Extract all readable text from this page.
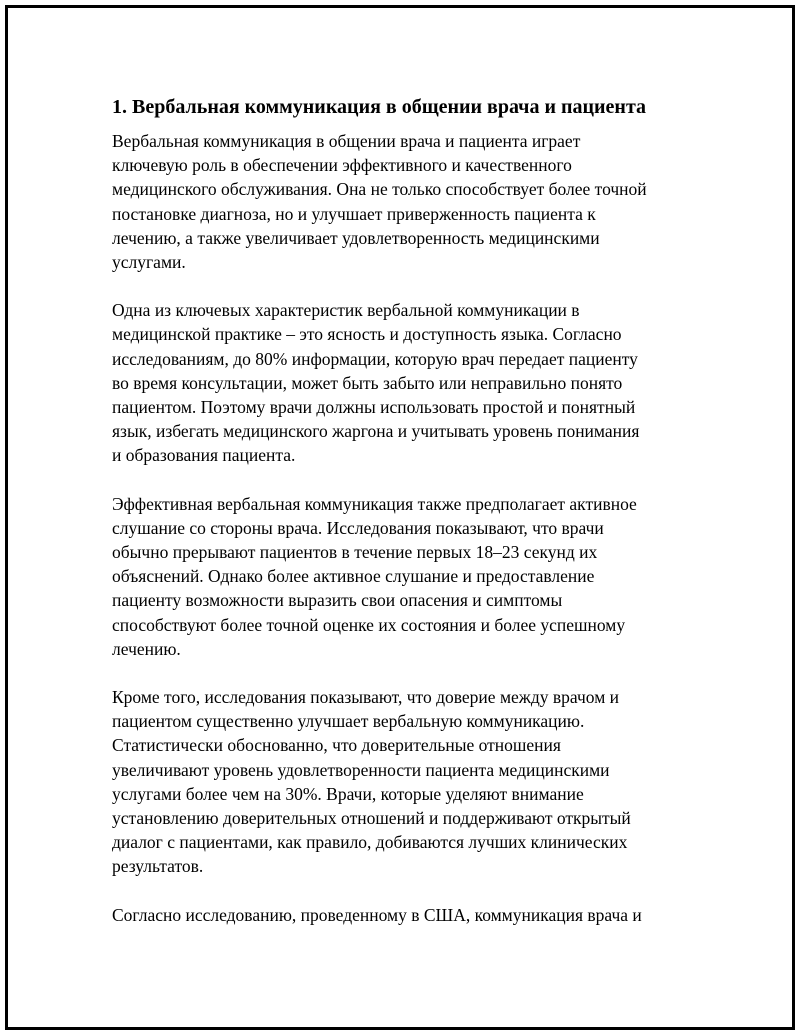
1. Вербальная коммуникация в общении врача и пациента
Вербальная коммуникация в общении врача и пациента играет
ключевую роль в обеспечении эффективного и качественного
медицинского обслуживания. Она не только способствует более точной
постановке диагноза, но и улучшает приверженность пациента к
лечению, а также увеличивает удовлетворенность медицинскими
услугами.
Одна из ключевых характеристик вербальной коммуникации в
медицинской практике – это ясность и доступность языка. Согласно
исследованиям, до 80% информации, которую врач передает пациенту
во время консультации, может быть забыто или неправильно понято
пациентом. Поэтому врачи должны использовать простой и понятный
язык, избегать медицинского жаргона и учитывать уровень понимания
и образования пациента.
Эффективная вербальная коммуникация также предполагает активное
слушание со стороны врача. Исследования показывают, что врачи
обычно прерывают пациентов в течение первых 18–23 секунд их
объяснений. Однако более активное слушание и предоставление
пациенту возможности выразить свои опасения и симптомы
способствуют более точной оценке их состояния и более успешному
лечению.
Кроме того, исследования показывают, что доверие между врачом и
пациентом существенно улучшает вербальную коммуникацию.
Статистически обоснованно, что доверительные отношения
увеличивают уровень удовлетворенности пациента медицинскими
услугами более чем на 30%. Врачи, которые уделяют внимание
установлению доверительных отношений и поддерживают открытый
диалог с пациентами, как правило, добиваются лучших клинических
результатов.
Согласно исследованию, проведенному в США, коммуникация врача и
